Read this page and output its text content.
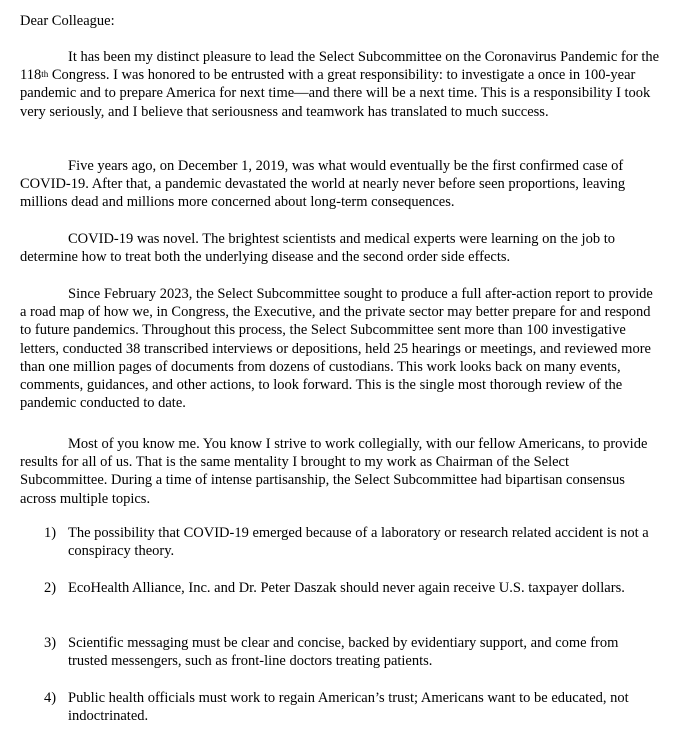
Dear Colleague:

It has been my distinct pleasure to lead the Select Subcommittee on the Coronavirus Pandemic for the 118th Congress. I was honored to be entrusted with a great responsibility: to investigate a once in 100-year pandemic and to prepare America for next time—and there will be a next time. This is a responsibility I took very seriously, and I believe that seriousness and teamwork has translated to much success.

Five years ago, on December 1, 2019, was what would eventually be the first confirmed case of COVID-19. After that, a pandemic devastated the world at nearly never before seen proportions, leaving millions dead and millions more concerned about long-term consequences.

COVID-19 was novel. The brightest scientists and medical experts were learning on the job to determine how to treat both the underlying disease and the second order side effects.

Since February 2023, the Select Subcommittee sought to produce a full after-action report to provide a road map of how we, in Congress, the Executive, and the private sector may better prepare for and respond to future pandemics. Throughout this process, the Select Subcommittee sent more than 100 investigative letters, conducted 38 transcribed interviews or depositions, held 25 hearings or meetings, and reviewed more than one million pages of documents from dozens of custodians. This work looks back on many events, comments, guidances, and other actions, to look forward. This is the single most thorough review of the pandemic conducted to date.

Most of you know me. You know I strive to work collegially, with our fellow Americans, to provide results for all of us. That is the same mentality I brought to my work as Chairman of the Select Subcommittee. During a time of intense partisanship, the Select Subcommittee had bipartisan consensus across multiple topics.

1) The possibility that COVID-19 emerged because of a laboratory or research related accident is not a conspiracy theory.
2) EcoHealth Alliance, Inc. and Dr. Peter Daszak should never again receive U.S. taxpayer dollars.
3) Scientific messaging must be clear and concise, backed by evidentiary support, and come from trusted messengers, such as front-line doctors treating patients.
4) Public health officials must work to regain American’s trust; Americans want to be educated, not indoctrinated.
